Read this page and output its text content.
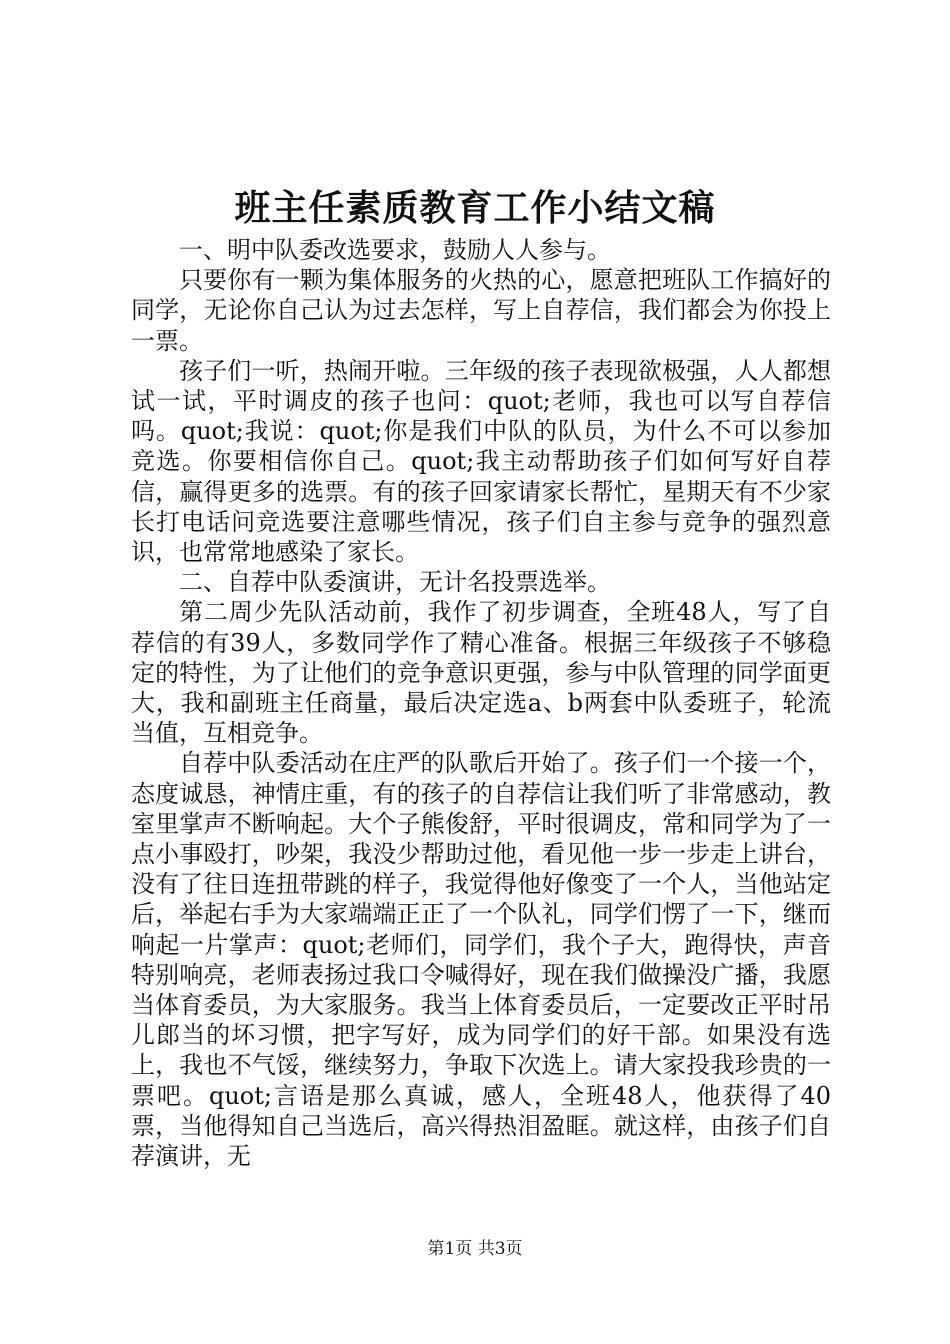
班主任素质教育工作小结文稿

一、明中队委改选要求，鼓励人人参与。

只要你有一颗为集体服务的火热的心，愿意把班队工作搞好的同学，无论你自己认为过去怎样，写上自荐信，我们都会为你投上一票。

孩子们一听，热闹开啦。三年级的孩子表现欲极强，人人都想试一试，平时调皮的孩子也问：quot;老师，我也可以写自荐信吗。quot;我说：quot;你是我们中队的队员，为什么不可以参加竞选。你要相信你自己。quot;我主动帮助孩子们如何写好自荐信，赢得更多的选票。有的孩子回家请家长帮忙，星期天有不少家长打电话问竞选要注意哪些情况，孩子们自主参与竞争的强烈意识，也常常地感染了家长。

二、自荐中队委演讲，无计名投票选举。

第二周少先队活动前，我作了初步调查，全班48人，写了自荐信的有39人，多数同学作了精心准备。根据三年级孩子不够稳定的特性，为了让他们的竞争意识更强，参与中队管理的同学面更大，我和副班主任商量，最后决定选a、b两套中队委班子，轮流当值，互相竞争。

自荐中队委活动在庄严的队歌后开始了。孩子们一个接一个，态度诚恳，神情庄重，有的孩子的自荐信让我们听了非常感动，教室里掌声不断响起。大个子熊俊舒，平时很调皮，常和同学为了一点小事殴打，吵架，我没少帮助过他，看见他一步一步走上讲台，没有了往日连扭带跳的样子，我觉得他好像变了一个人，当他站定后，举起右手为大家端端正正了一个队礼，同学们愣了一下，继而响起一片掌声：quot;老师们，同学们，我个子大，跑得快，声音特别响亮，老师表扬过我口令喊得好，现在我们做操没广播，我愿当体育委员，为大家服务。我当上体育委员后，一定要改正平时吊儿郎当的坏习惯，把字写好，成为同学们的好干部。如果没有选上，我也不气馁，继续努力，争取下次选上。请大家投我珍贵的一票吧。quot;言语是那么真诚，感人，全班48人，他获得了40票，当他得知自己当选后，高兴得热泪盈眶。就这样，由孩子们自荐演讲，无

第1页 共3页
